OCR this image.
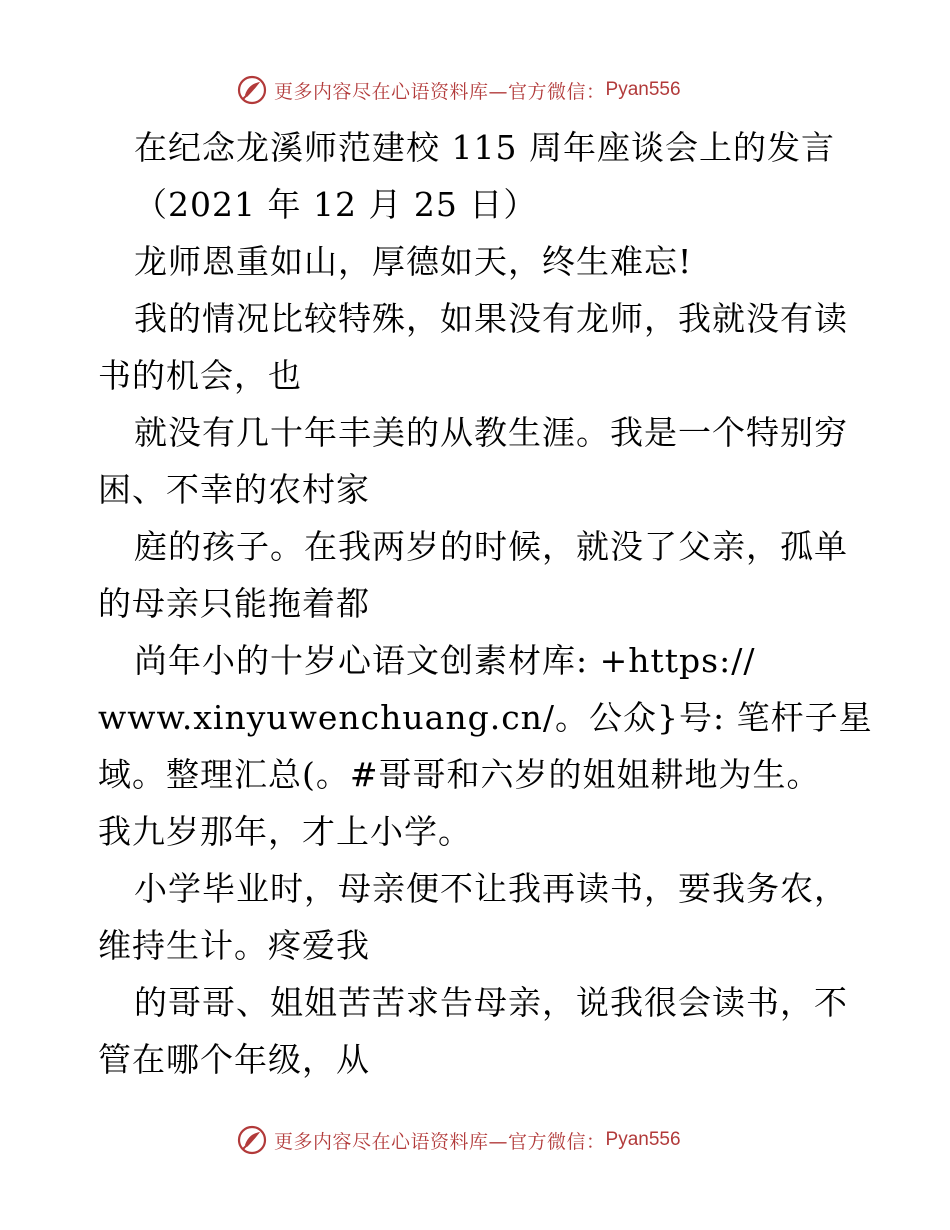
更多内容尽在心语资料库—官方微信： Pyan556
在纪念龙溪师范建校 115 周年座谈会上的发言
（2021 年 12 月 25 日）
龙师恩重如山，厚德如天，终生难忘!
我的情况比较特殊，如果没有龙师，我就没有读
书的机会，也
就没有几十年丰美的从教生涯。我是一个特别穷
困、不幸的农村家
庭的孩子。在我两岁的时候，就没了父亲，孤单
的母亲只能拖着都
尚年小的十岁心语文创素材库: +https://
www.xinyuwenchuang.cn/。公众}号: 笔杆子星
域。整理汇总(。#哥哥和六岁的姐姐耕地为生。
我九岁那年，才上小学。
小学毕业时，母亲便不让我再读书，要我务农，
维持生计。疼爱我
的哥哥、姐姐苦苦求告母亲，说我很会读书，不
管在哪个年级，从
更多内容尽在心语资料库—官方微信： Pyan556
